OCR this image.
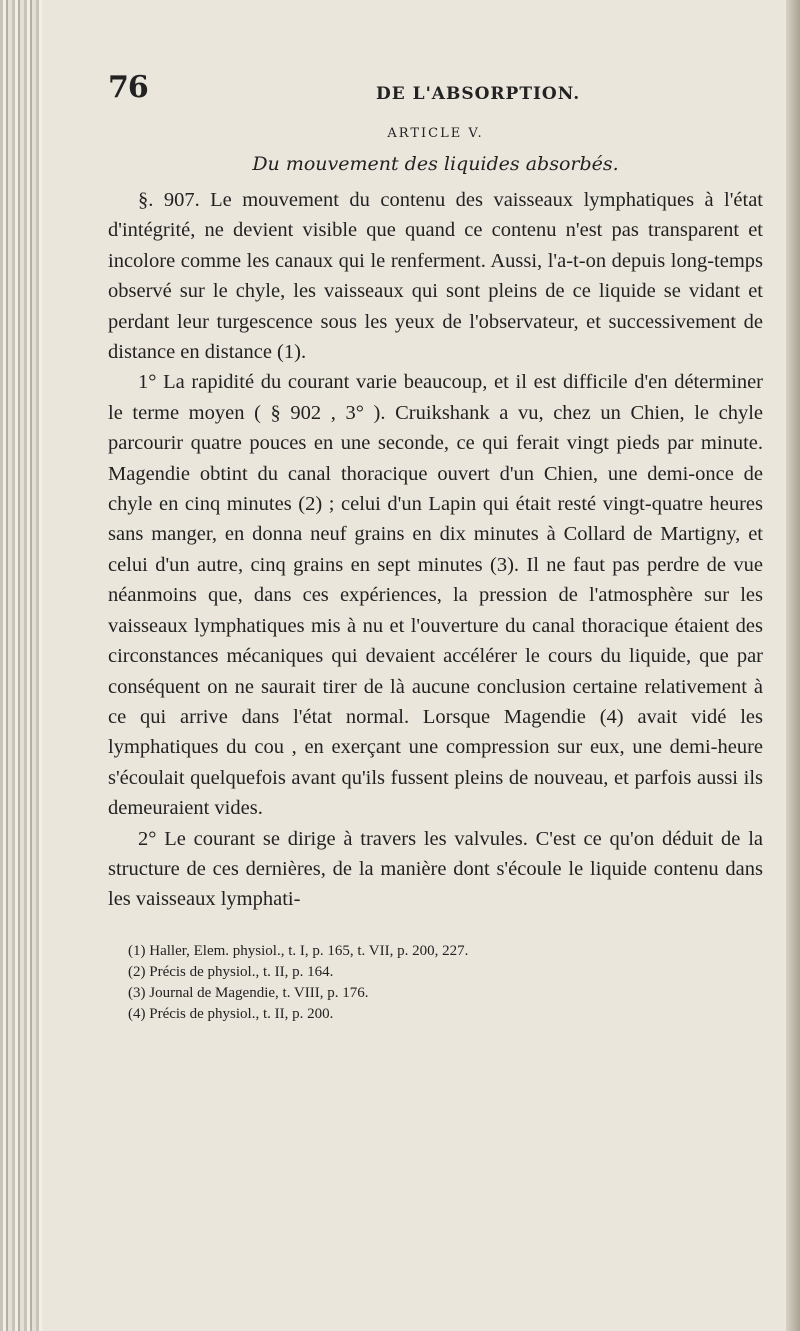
76	DE L'ABSORPTION.
ARTICLE V.
Du mouvement des liquides absorbés.

§. 907. Le mouvement du contenu des vaisseaux lymphatiques à l'état d'intégrité, ne devient visible que quand ce contenu n'est pas transparent et incolore comme les canaux qui le renferment. Aussi, l'a-t-on depuis long-temps observé sur le chyle, les vaisseaux qui sont pleins de ce liquide se vidant et perdant leur turgescence sous les yeux de l'observateur, et successivement de distance en distance (1).

1° La rapidité du courant varie beaucoup, et il est difficile d'en déterminer le terme moyen ( § 902 , 3° ). Cruikshank a vu, chez un Chien, le chyle parcourir quatre pouces en une seconde, ce qui ferait vingt pieds par minute. Magendie obtint du canal thoracique ouvert d'un Chien, une demi-once de chyle en cinq minutes (2) ; celui d'un Lapin qui était resté vingt-quatre heures sans manger, en donna neuf grains en dix minutes à Collard de Martigny, et celui d'un autre, cinq grains en sept minutes (3). Il ne faut pas perdre de vue néanmoins que, dans ces expériences, la pression de l'atmosphère sur les vaisseaux lymphatiques mis à nu et l'ouverture du canal thoracique étaient des circonstances mécaniques qui devaient accélérer le cours du liquide, que par conséquent on ne saurait tirer de là aucune conclusion certaine relativement à ce qui arrive dans l'état normal. Lorsque Magendie (4) avait vidé les lymphatiques du cou , en exerçant une compression sur eux, une demi-heure s'écoulait quelquefois avant qu'ils fussent pleins de nouveau, et parfois aussi ils demeuraient vides.

2° Le courant se dirige à travers les valvules. C'est ce qu'on déduit de la structure de ces dernières, de la manière dont s'écoule le liquide contenu dans les vaisseaux lymphati-

(1) Haller, Elem. physiol., t. I, p. 165, t. VII, p. 200, 227.
(2) Précis de physiol., t. II, p. 164.
(3) Journal de Magendie, t. VIII, p. 176.
(4) Précis de physiol., t. II, p. 200.
